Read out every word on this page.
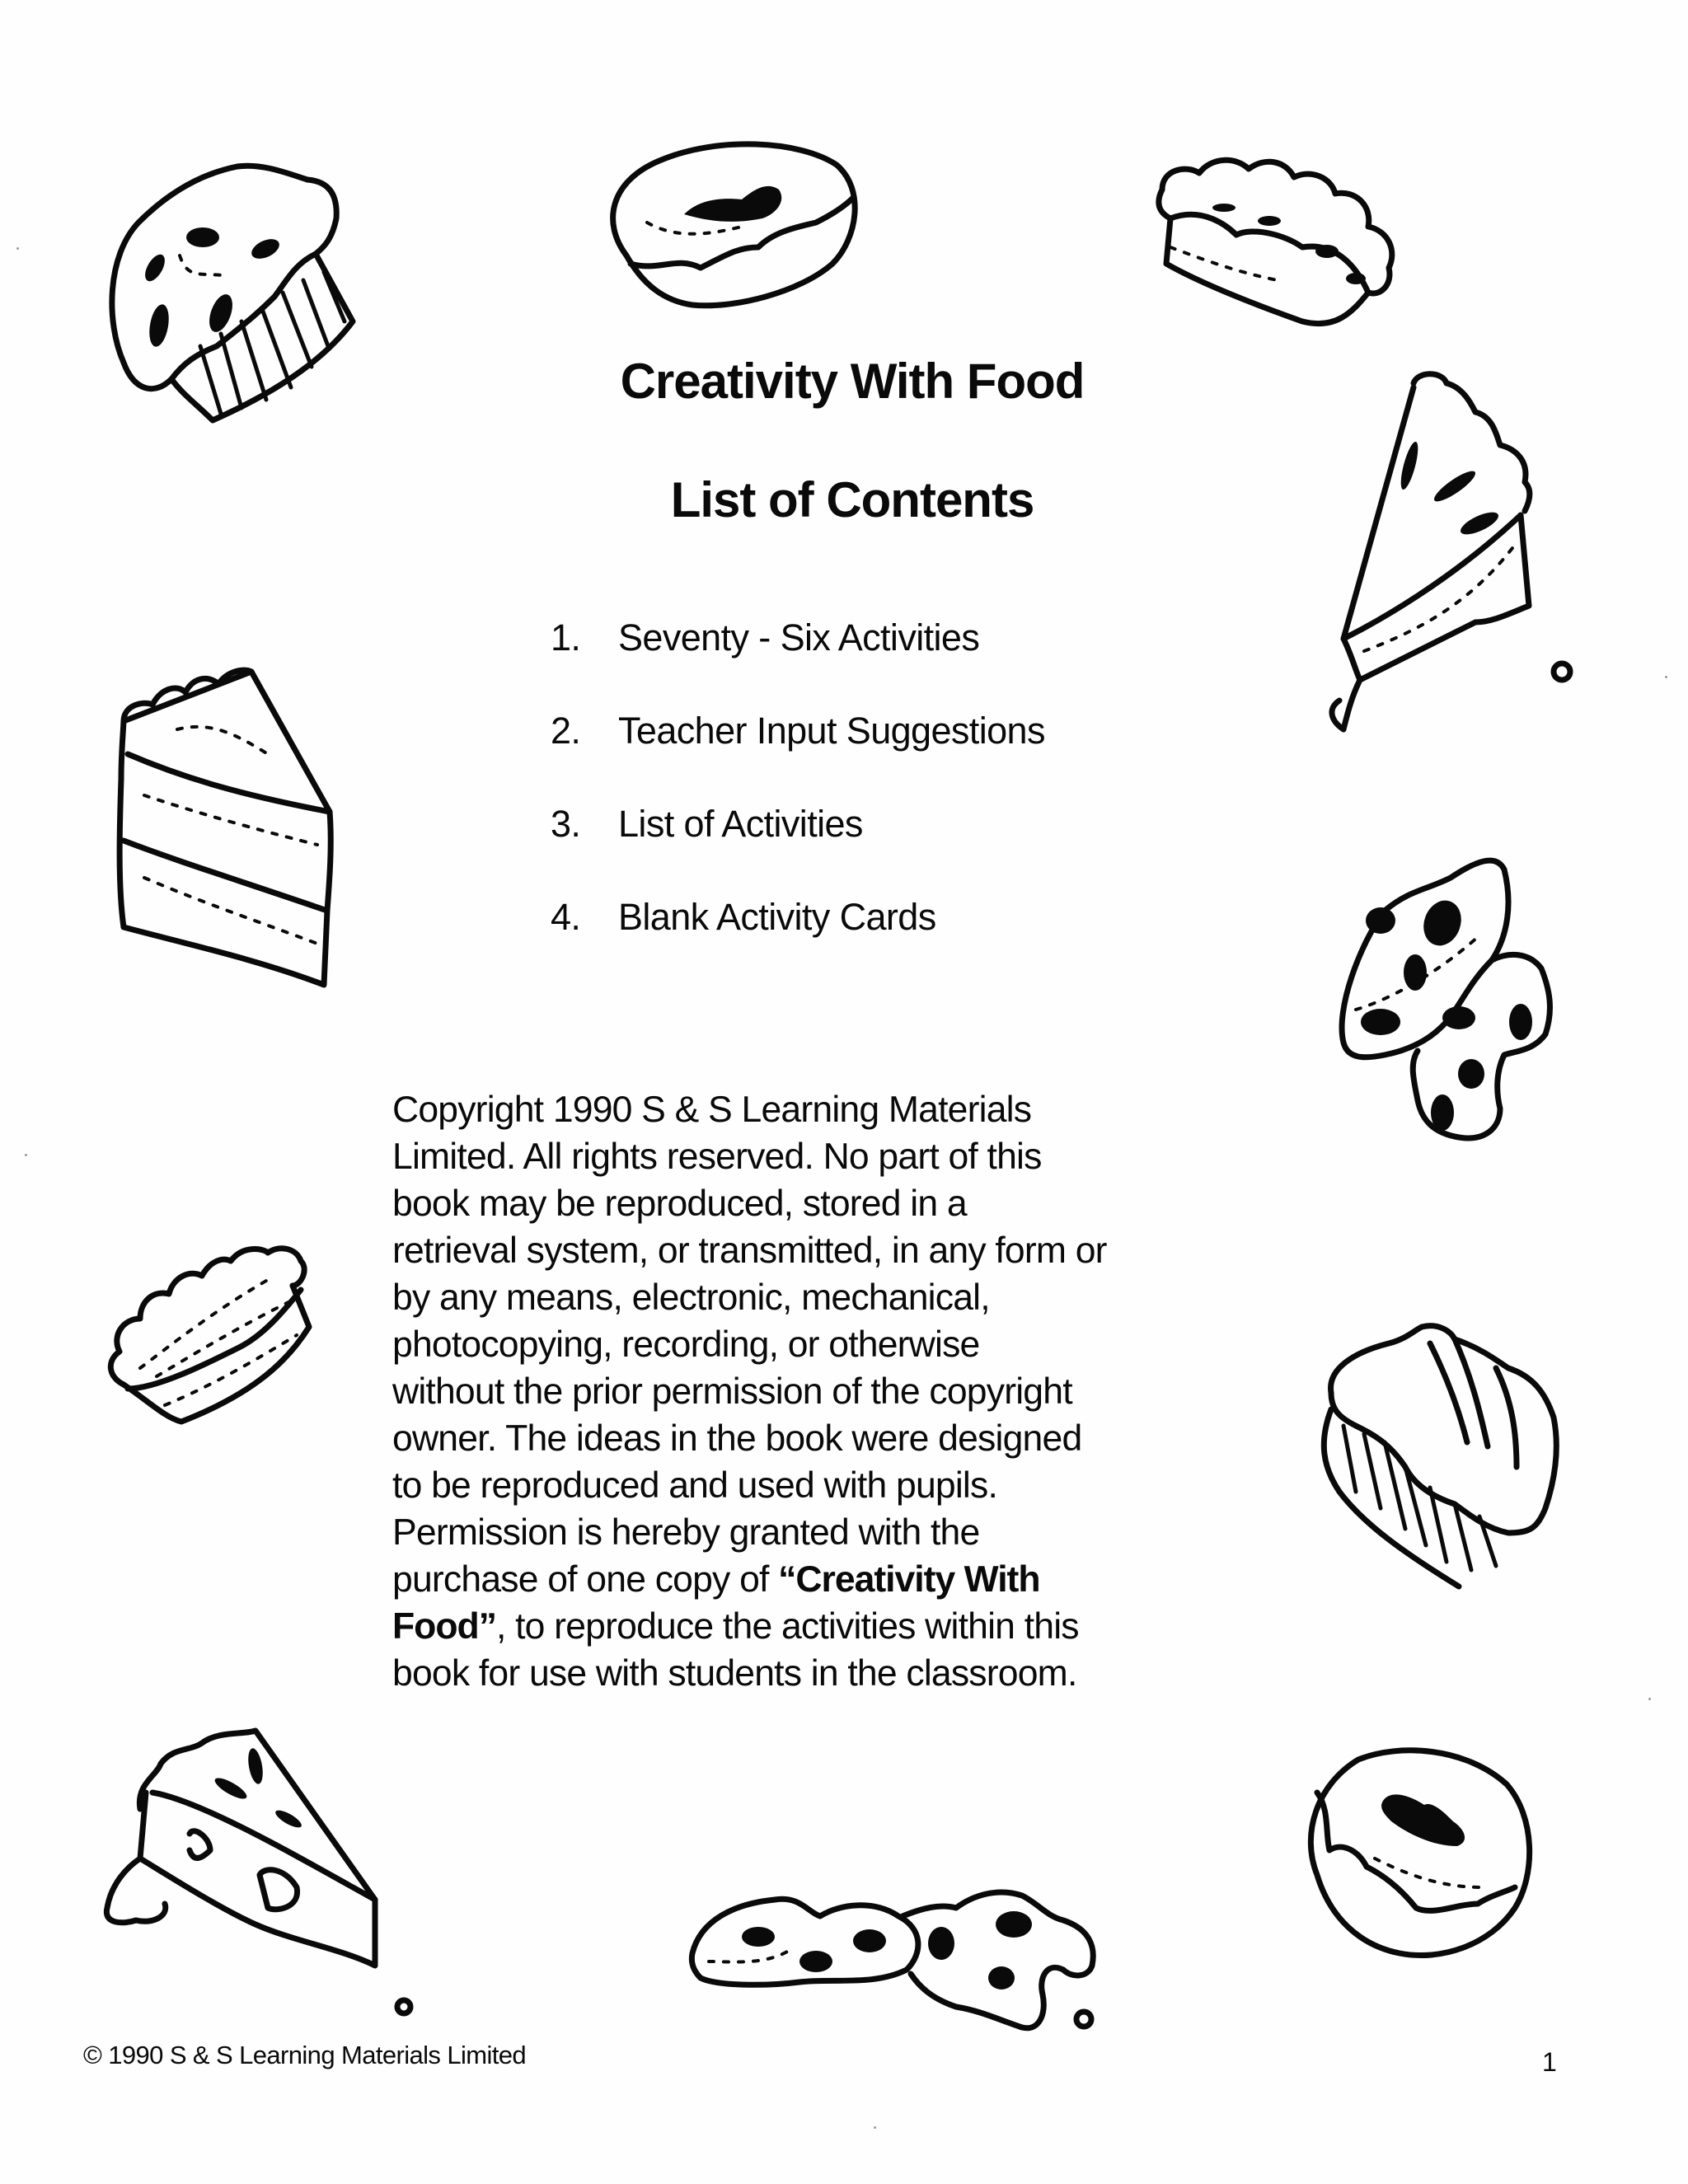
Creativity With Food
List of Contents
1.	Seventy - Six Activities
2.	Teacher Input Suggestions
3.	List of Activities
4.	Blank Activity Cards

Copyright 1990 S & S Learning Materials
Limited. All rights reserved. No part of this
book may be reproduced, stored in a
retrieval system, or transmitted, in any form or
by any means, electronic, mechanical,
photocopying, recording, or otherwise
without the prior permission of the copyright
owner. The ideas in the book were designed
to be reproduced and used with pupils.
Permission is hereby granted with the
purchase of one copy of “Creativity With
Food”, to reproduce the activities within this
book for use with students in the classroom.

© 1990 S & S Learning Materials Limited	1
